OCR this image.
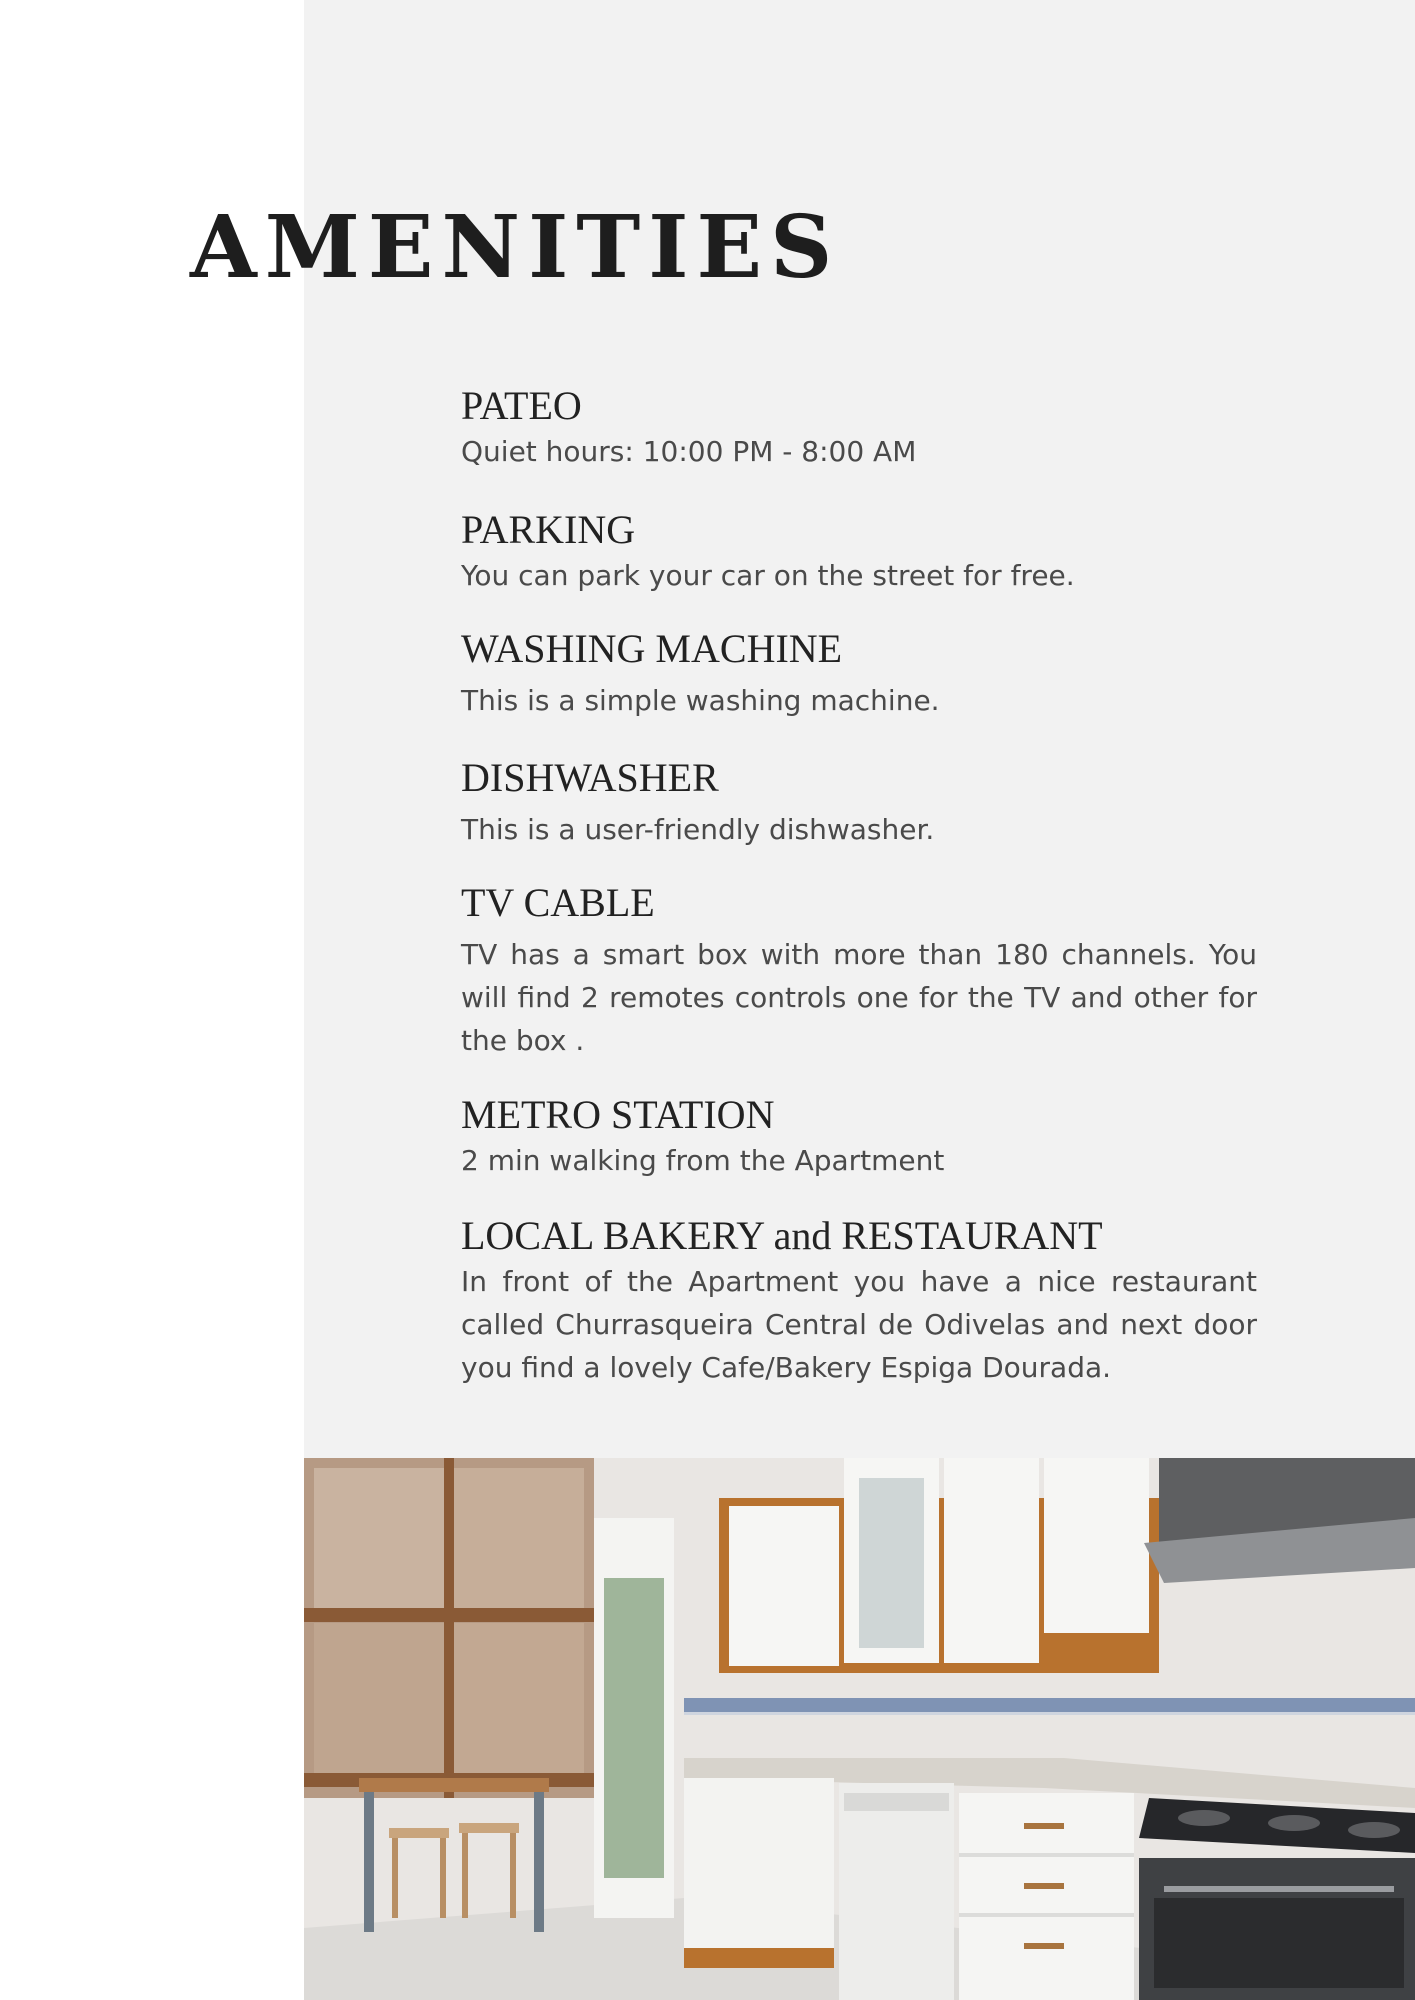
AMENITIES
PATEO

Quiet hours: 10:00 PM - 8:00 AM

PARKING

You can park your car on the street for free.

WASHING MACHINE

This is a simple washing machine.

DISHWASHER

This is a user-friendly dishwasher.

TV CABLE

TV has a smart box with more than 180 channels. You will find 2 remotes controls one for the TV and other for the box .

METRO STATION

2 min walking from the Apartment

LOCAL BAKERY and RESTAURANT

In front of the Apartment you have a nice restaurant called Churrasqueira Central de Odivelas and next door you find a lovely Cafe/Bakery Espiga Dourada.
